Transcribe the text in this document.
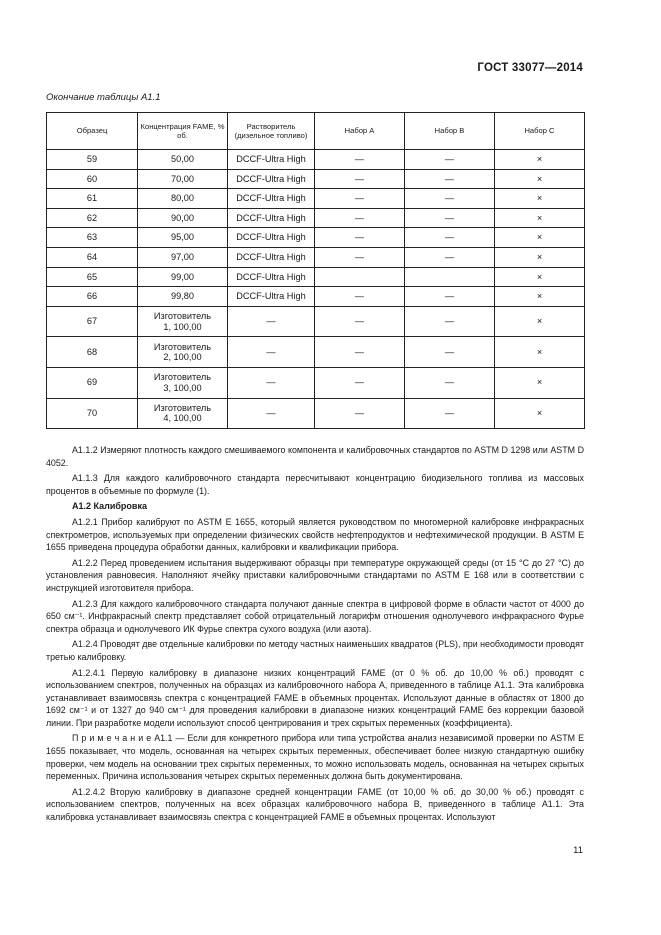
ГОСТ 33077—2014
Окончание таблицы А1.1
Образец	Концентрация FAME, % об.	Растворитель (дизельное топливо)	Набор А	Набор В	Набор С
59	50,00	DCCF-Ultra High	—	—	×
60	70,00	DCCF-Ultra High	—	—	×
61	80,00	DCCF-Ultra High	—	—	×
62	90,00	DCCF-Ultra High	—	—	×
63	95,00	DCCF-Ultra High	—	—	×
64	97,00	DCCF-Ultra High	—	—	×
65	99,00	DCCF-Ultra High			×
66	99,80	DCCF-Ultra High	—	—	×
67	Изготовитель 1, 100,00	—	—	—	×
68	Изготовитель 2, 100,00	—	—	—	×
69	Изготовитель 3, 100,00	—	—	—	×
70	Изготовитель 4, 100,00	—	—	—	×

А1.1.2 Измеряют плотность каждого смешиваемого компонента и калибровочных стандартов по ASTM D 1298 или ASTM D 4052.

А1.1.3 Для каждого калибровочного стандарта пересчитывают концентрацию биодизельного топлива из массовых процентов в объемные по формуле (1).

А1.2 Калибровка

А1.2.1 Прибор калибруют по ASTM Е 1655, который является руководством по многомерной калибровке инфракрасных спектрометров, используемых при определении физических свойств нефтепродуктов и нефтехимической продукции. В ASTM Е 1655 приведена процедура обработки данных, калибровки и квалификации прибора.

А1.2.2 Перед проведением испытания выдерживают образцы при температуре окружающей среды (от 15 °С до 27 °С) до установления равновесия. Наполняют ячейку приставки калибровочными стандартами по ASTM Е 168 или в соответствии с инструкцией изготовителя прибора.

А1.2.3 Для каждого калибровочного стандарта получают данные спектра в цифровой форме в области частот от 4000 до 650 см⁻¹. Инфракрасный спектр представляет собой отрицательный логарифм отношения однолучевого инфракрасного Фурье спектра образца и однолучевого ИК Фурье спектра сухого воздуха (или азота).

А1.2.4 Проводят две отдельные калибровки по методу частных наименьших квадратов (PLS), при необходимости проводят третью калибровку.

А1.2.4.1 Первую калибровку в диапазоне низких концентраций FAME (от 0 % об. до 10,00 % об.) проводят с использованием спектров, полученных на образцах из калибровочного набора А, приведенного в таблице А1.1. Эта калибровка устанавливает взаимосвязь спектра с концентрацией FAME в объемных процентах. Используют данные в областях от 1800 до 1692 см⁻¹ и от 1327 до 940 см⁻¹ для проведения калибровки в диапазоне низких концентраций FAME без коррекции базовой линии. При разработке модели используют способ центрирования и трех скрытых переменных (коэффициента).

П р и м е ч а н и е А1.1 — Если для конкретного прибора или типа устройства анализ независимой проверки по ASTM Е 1655 показывает, что модель, основанная на четырех скрытых переменных, обеспечивает более низкую стандартную ошибку проверки, чем модель на основании трех скрытых переменных, то можно использовать модель, основанная на четырех скрытых переменных. Причина использования четырех скрытых переменных должна быть документирована.

А1.2.4.2 Вторую калибровку в диапазоне средней концентрации FAME (от 10,00 % об. до 30,00 % об.) проводят с использованием спектров, полученных на всех образцах калибровочного набора В, приведенного в таблице А1.1. Эта калибровка устанавливает взаимосвязь спектра с концентрацией FAME в объемных процентах. Используют

11
